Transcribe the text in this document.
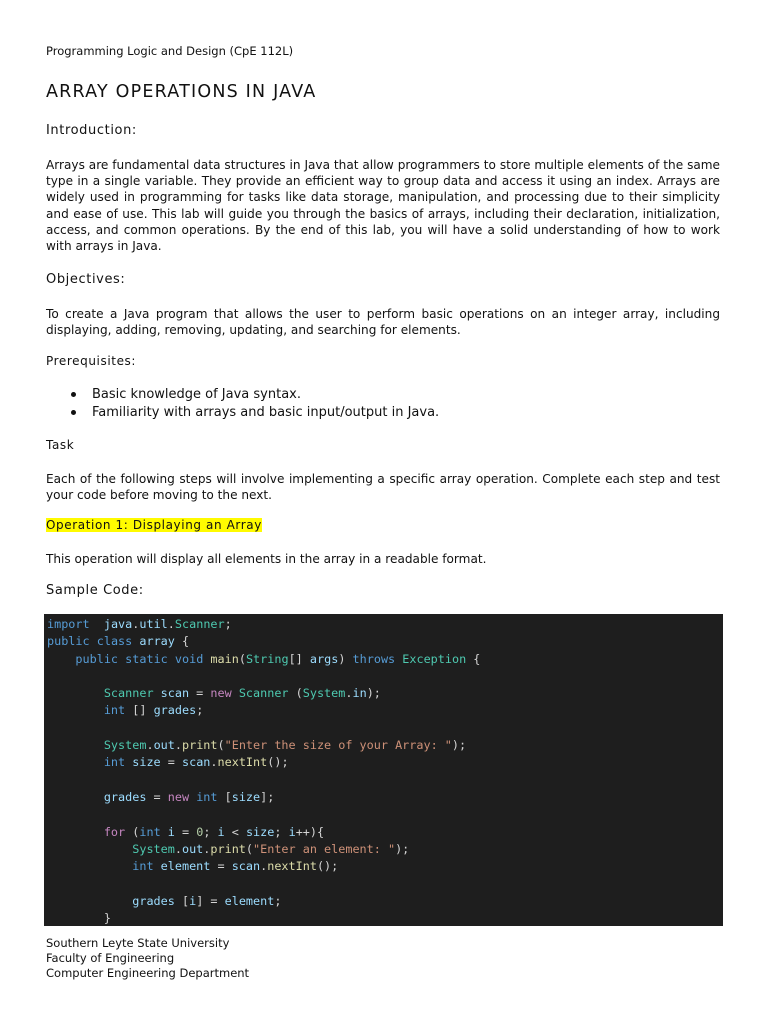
Programming Logic and Design (CpE 112L)
ARRAY OPERATIONS IN JAVA
Introduction:

Arrays are fundamental data structures in Java that allow programmers to store multiple elements of the same type in a single variable. They provide an efficient way to group data and access it using an index. Arrays are widely used in programming for tasks like data storage, manipulation, and processing due to their simplicity and ease of use. This lab will guide you through the basics of arrays, including their declaration, initialization, access, and common operations. By the end of this lab, you will have a solid understanding of how to work with arrays in Java.

Objectives:

To create a Java program that allows the user to perform basic operations on an integer array, including displaying, adding, removing, updating, and searching for elements.

Prerequisites:
Basic knowledge of Java syntax.
Familiarity with arrays and basic input/output in Java.
Task

Each of the following steps will involve implementing a specific array operation. Complete each step and test your code before moving to the next.

Operation 1: Displaying an Array

This operation will display all elements in the array in a readable format.

Sample Code:
import java.util.Scanner;
public class array {
public static void main(String[] args) throws Exception {
Scanner scan = new Scanner (System.in);
int [] grades;
System.out.print("Enter the size of your Array: ");
int size = scan.nextInt();
grades = new int [size];
for (int i = 0; i < size; i++){
System.out.print("Enter an element: ");
int element = scan.nextInt();
grades [i] = element;
}
Southern Leyte State University
Faculty of Engineering
Computer Engineering Department
